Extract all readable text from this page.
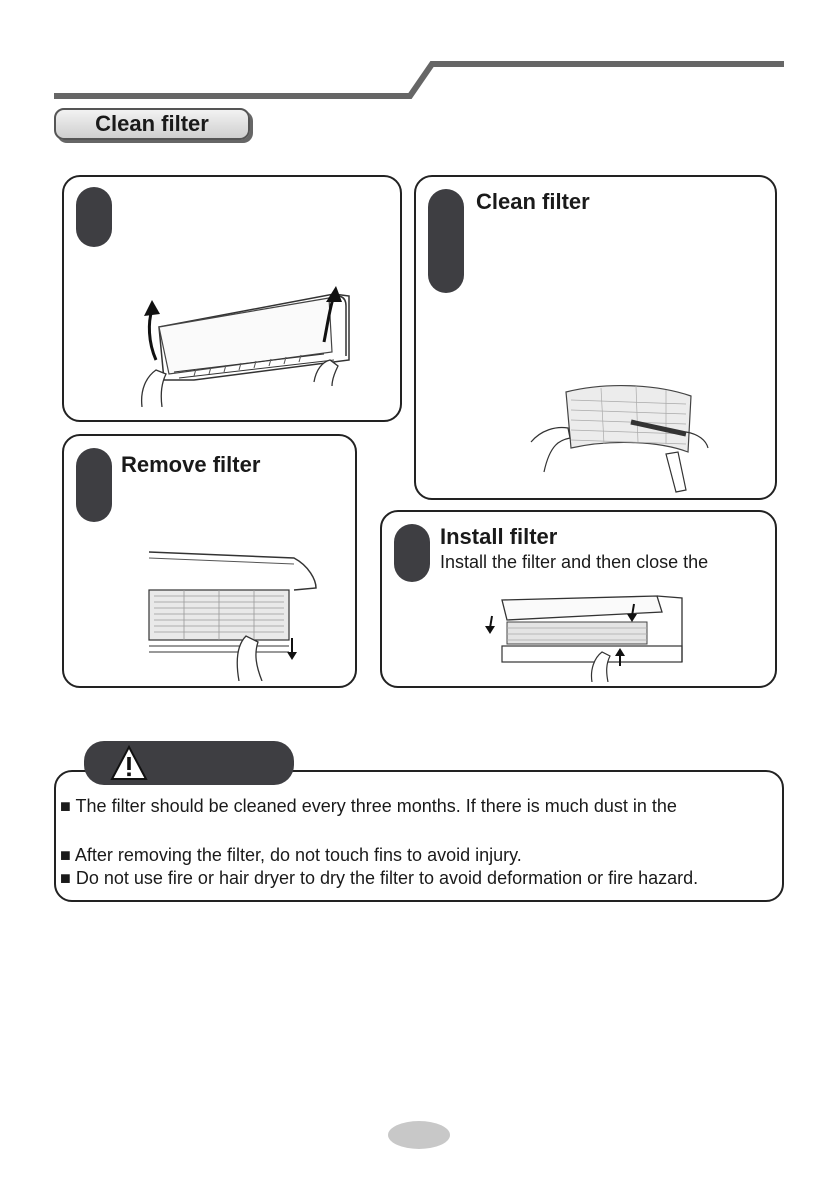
Clean filter
Remove filter
Clean filter
Install filter
Install the filter and then close the
■ The filter should be cleaned every three months. If there is much dust in the
■ After removing the filter, do not touch fins to avoid injury.
■ Do not use fire or hair dryer to dry the filter to avoid deformation or fire hazard.
